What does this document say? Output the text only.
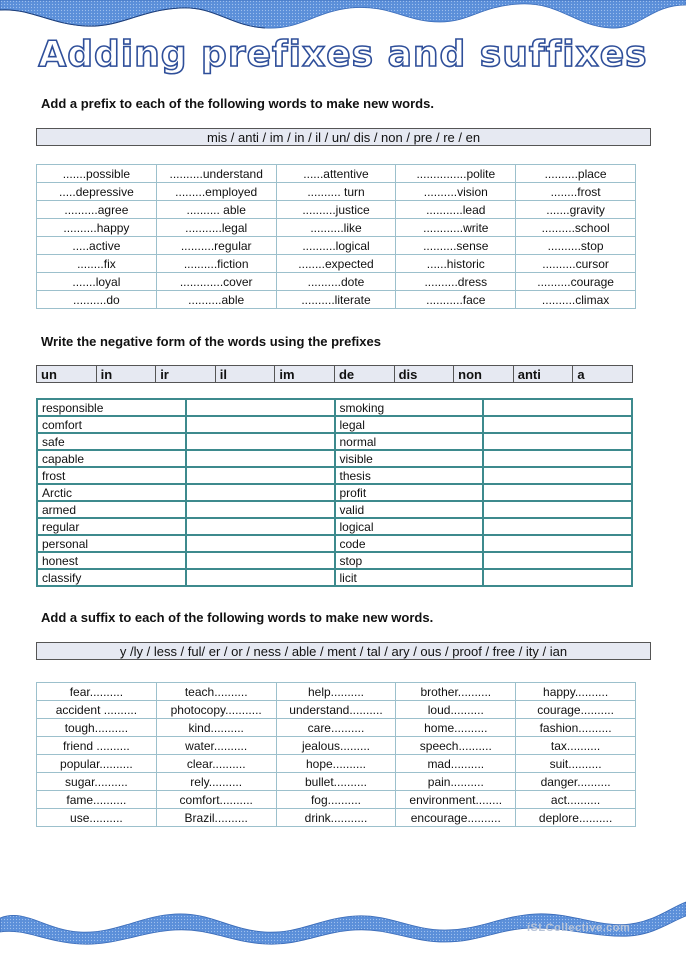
Adding prefixes and suffixes

Add a prefix to each of the following words to make new words.

mis / anti / im / in / il / un/ dis / non / pre / re / en
.......possible	..........understand	......attentive	...............polite	..........place
.....depressive	.........employed	.......... turn	..........vision	........frost
..........agree	.......... able	..........justice	...........lead	.......gravity
..........happy	...........legal	..........like	............write	..........school
.....active	..........regular	..........logical	..........sense	..........stop
........fix	..........fiction	........expected	......historic	..........cursor
.......loyal	.............cover	..........dote	..........dress	..........courage
..........do	..........able	..........literate	...........face	..........climax

Write the negative form of the words using the prefixes

un	in	ir	il	im	de	dis	non	anti	a
responsible		smoking	
comfort		legal	
safe		normal	
capable		visible	
frost		thesis	
Arctic		profit	
armed		valid	
regular		logical	
personal		code	
honest		stop	
classify		licit	

Add a suffix to each of the following words to make new words.

y /ly / less / ful/ er / or / ness / able / ment / tal / ary / ous / proof / free / ity / ian
fear..........	teach..........	help..........	brother..........	happy..........
accident ..........	photocopy...........	understand..........	loud..........	courage..........
tough..........	kind..........	care..........	home..........	fashion..........
friend ..........	water..........	jealous.........	speech..........	tax..........
popular..........	clear..........	hope..........	mad..........	suit..........
sugar..........	rely..........	bullet..........	pain..........	danger..........
fame..........	comfort..........	fog..........	environment........	act..........
use..........	Brazil..........	drink...........	encourage..........	deplore..........
iSLCollective.com
